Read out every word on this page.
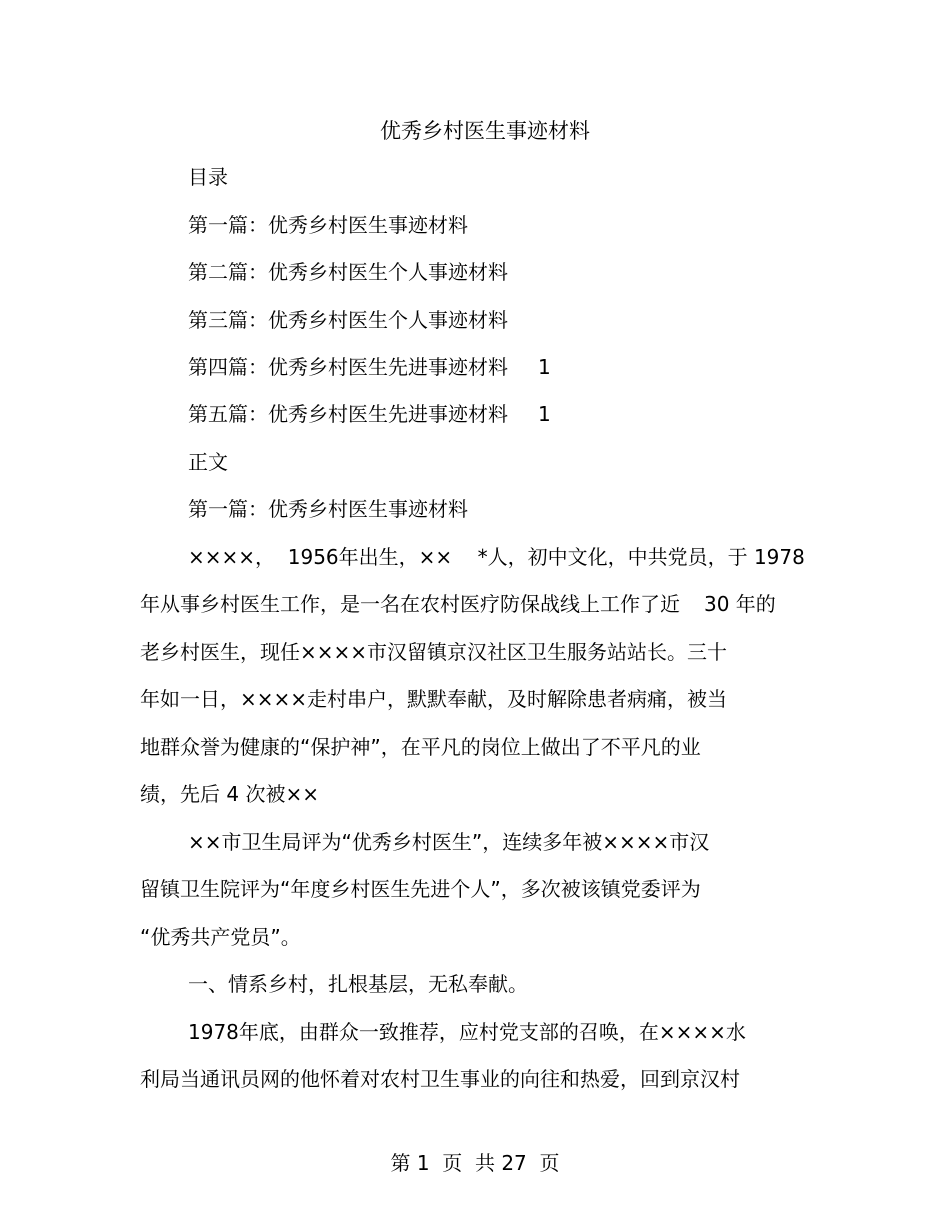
优秀乡村医生事迹材料
目录
第一篇：优秀乡村医生事迹材料
第二篇：优秀乡村医生个人事迹材料
第三篇：优秀乡村医生个人事迹材料
第四篇：优秀乡村医生先进事迹材料 1
第五篇：优秀乡村医生先进事迹材料 1
正文
第一篇：优秀乡村医生事迹材料
××××，  1956年出生，××    *人，初中文化，中共党员，于 1978
年从事乡村医生工作，是一名在农村医疗防保战线上工作了近 30 年的
老乡村医生，现任××××市汉留镇京汉社区卫生服务站站长。三十
年如一日，××××走村串户，默默奉献，及时解除患者病痛，被当
地群众誉为健康的“保护神”，在平凡的岗位上做出了不平凡的业
绩，先后 4 次被××
××市卫生局评为“优秀乡村医生”，连续多年被××××市汉
留镇卫生院评为“年度乡村医生先进个人”，多次被该镇党委评为
“优秀共产党员”。
一、情系乡村，扎根基层，无私奉献。
1978年底，由群众一致推荐，应村党支部的召唤，在××××水
利局当通讯员网的他怀着对农村卫生事业的向往和热爱，回到京汉村
第 1  页  共 27  页
